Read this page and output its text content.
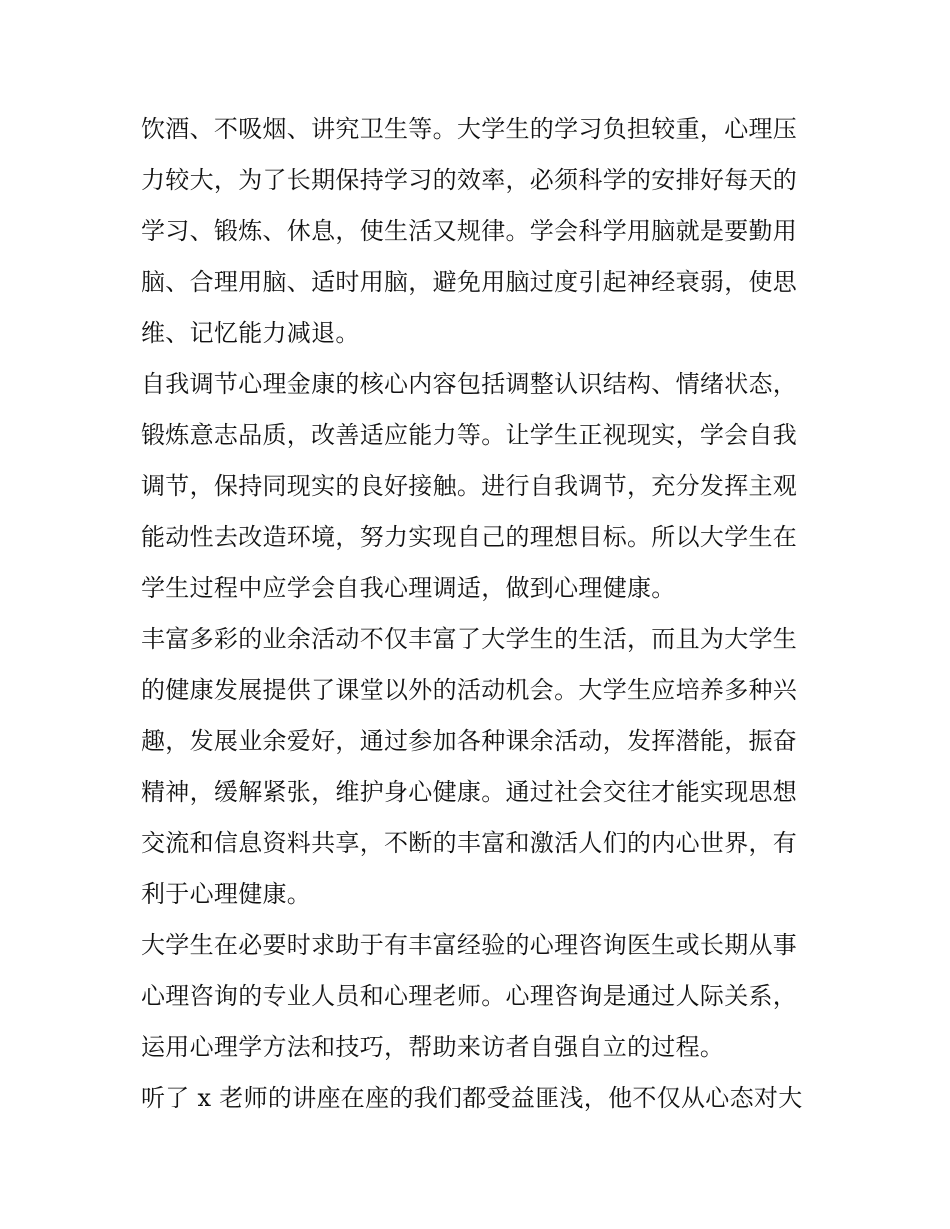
饮酒、不吸烟、讲究卫生等。大学生的学习负担较重，心理压
力较大，为了长期保持学习的效率，必须科学的安排好每天的
学习、锻炼、休息，使生活又规律。学会科学用脑就是要勤用
脑、合理用脑、适时用脑，避免用脑过度引起神经衰弱，使思
维、记忆能力减退。

自我调节心理金康的核心内容包括调整认识结构、情绪状态，
锻炼意志品质，改善适应能力等。让学生正视现实，学会自我
调节，保持同现实的良好接触。进行自我调节，充分发挥主观
能动性去改造环境，努力实现自己的理想目标。所以大学生在
学生过程中应学会自我心理调适，做到心理健康。

丰富多彩的业余活动不仅丰富了大学生的生活，而且为大学生
的健康发展提供了课堂以外的活动机会。大学生应培养多种兴
趣，发展业余爱好，通过参加各种课余活动，发挥潜能，振奋
精神，缓解紧张，维护身心健康。通过社会交往才能实现思想
交流和信息资料共享，不断的丰富和激活人们的内心世界，有
利于心理健康。

大学生在必要时求助于有丰富经验的心理咨询医生或长期从事
心理咨询的专业人员和心理老师。心理咨询是通过人际关系，
运用心理学方法和技巧，帮助来访者自强自立的过程。

听了 x 老师的讲座在座的我们都受益匪浅，他不仅从心态对大
